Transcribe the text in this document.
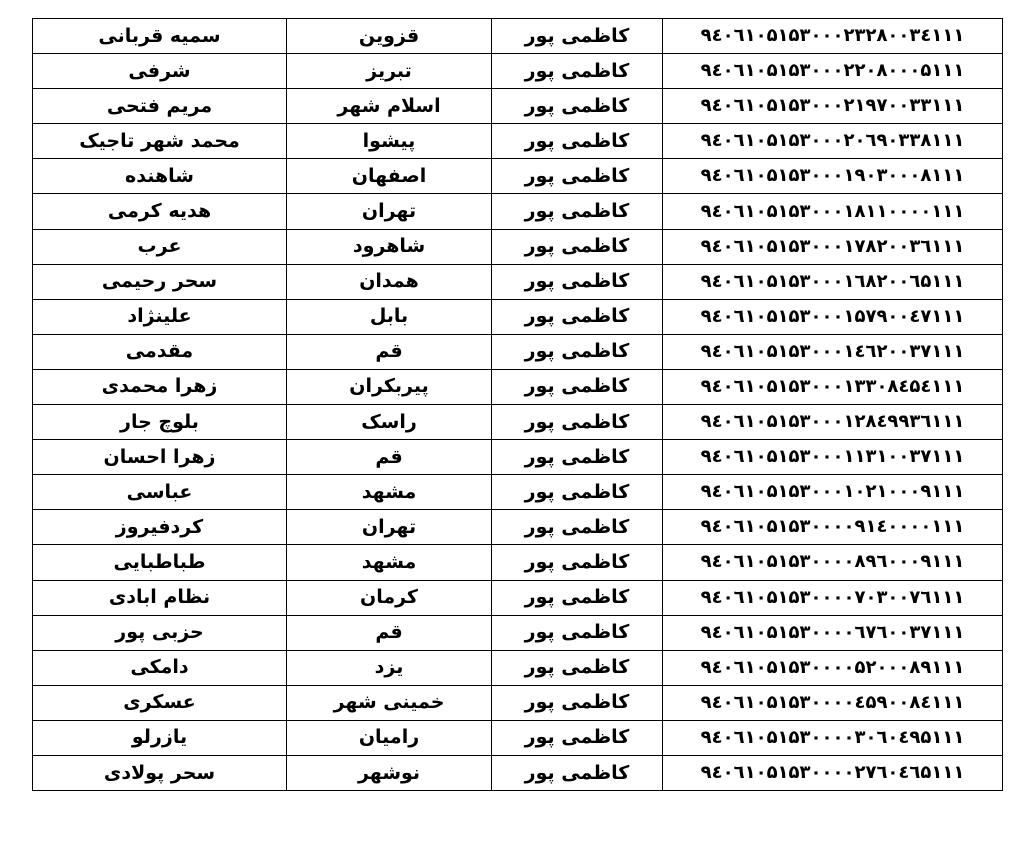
سمیه قربانی	قزوین	کاظمی پور	۹٤۰٦۱۰۵۱۵۳۰۰۰۲۳۲۸۰۰۳٤۱۱۱
شرفی	تبریز	کاظمی پور	۹٤۰٦۱۰۵۱۵۳۰۰۰۲۲۰۸۰۰۰۵۱۱۱
مریم فتحی	اسلام شهر	کاظمی پور	۹٤۰٦۱۰۵۱۵۳۰۰۰۲۱۹۷۰۰۳۳۱۱۱
محمد شهر تاجیک	پیشوا	کاظمی پور	۹٤۰٦۱۰۵۱۵۳۰۰۰۲۰٦۹۰۳۳۸۱۱۱
شاهنده	اصفهان	کاظمی پور	۹٤۰٦۱۰۵۱۵۳۰۰۰۱۹۰۳۰۰۰۸۱۱۱
هدیه کرمی	تهران	کاظمی پور	۹٤۰٦۱۰۵۱۵۳۰۰۰۱۸۱۱۰۰۰۰۱۱۱
عرب	شاهرود	کاظمی پور	۹٤۰٦۱۰۵۱۵۳۰۰۰۱۷۸۲۰۰۳٦۱۱۱
سحر رحیمی	همدان	کاظمی پور	۹٤۰٦۱۰۵۱۵۳۰۰۰۱٦۸۲۰۰٦۵۱۱۱
علینژاد	بابل	کاظمی پور	۹٤۰٦۱۰۵۱۵۳۰۰۰۱۵۷۹۰۰٤۷۱۱۱
مقدمی	قم	کاظمی پور	۹٤۰٦۱۰۵۱۵۳۰۰۰۱٤٦۲۰۰۳۷۱۱۱
زهرا محمدی	پیربکران	کاظمی پور	۹٤۰٦۱۰۵۱۵۳۰۰۰۱۳۳۰۸٤۵٤۱۱۱
بلوچ جار	راسک	کاظمی پور	۹٤۰٦۱۰۵۱۵۳۰۰۰۱۲۸٤۹۹۳٦۱۱۱
زهرا احسان	قم	کاظمی پور	۹٤۰٦۱۰۵۱۵۳۰۰۰۱۱۳۱۰۰۳۷۱۱۱
عباسی	مشهد	کاظمی پور	۹٤۰٦۱۰۵۱۵۳۰۰۰۱۰۲۱۰۰۰۹۱۱۱
کردفیروز	تهران	کاظمی پور	۹٤۰٦۱۰۵۱۵۳۰۰۰۰۹۱٤۰۰۰۰۱۱۱
طباطبایی	مشهد	کاظمی پور	۹٤۰٦۱۰۵۱۵۳۰۰۰۰۸۹٦۰۰۰۹۱۱۱
نظام ابادی	کرمان	کاظمی پور	۹٤۰٦۱۰۵۱۵۳۰۰۰۰۷۰۳۰۰۷٦۱۱۱
حزبی پور	قم	کاظمی پور	۹٤۰٦۱۰۵۱۵۳۰۰۰۰٦۷٦۰۰۳۷۱۱۱
دامکی	یزد	کاظمی پور	۹٤۰٦۱۰۵۱۵۳۰۰۰۰۵۲۰۰۰۸۹۱۱۱
عسکری	خمینی شهر	کاظمی پور	۹٤۰٦۱۰۵۱۵۳۰۰۰۰٤۵۹۰۰۸٤۱۱۱
یازرلو	رامیان	کاظمی پور	۹٤۰٦۱۰۵۱۵۳۰۰۰۰۳۰٦۰٤۹۵۱۱۱
سحر پولادی	نوشهر	کاظمی پور	۹٤۰٦۱۰۵۱۵۳۰۰۰۰۲۷٦۰٤٦۵۱۱۱
